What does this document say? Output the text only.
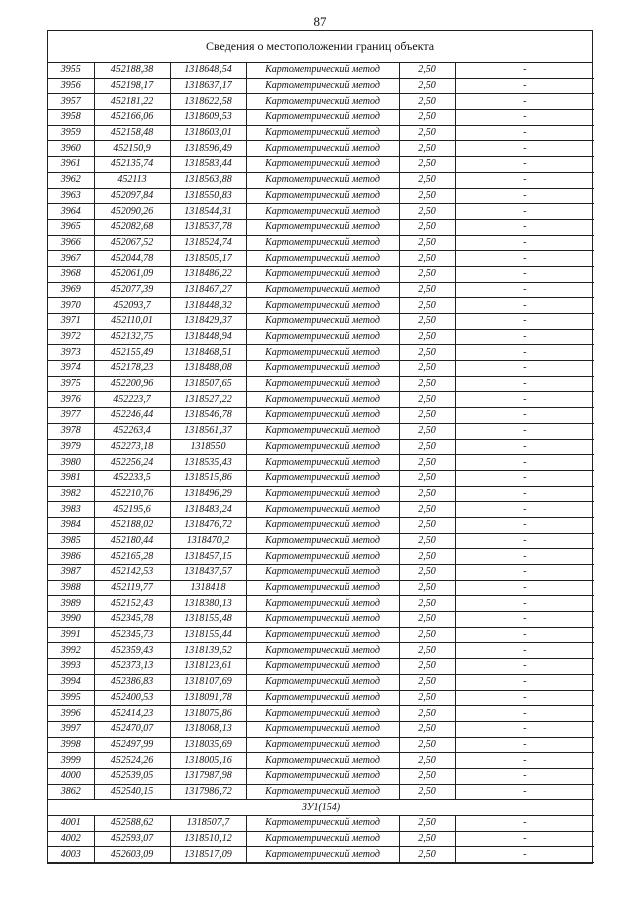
87
Сведения о местоположении границ объекта
3955	452188,38	1318648,54	Картометрический метод	2,50	-
3956	452198,17	1318637,17	Картометрический метод	2,50	-
3957	452181,22	1318622,58	Картометрический метод	2,50	-
3958	452166,06	1318609,53	Картометрический метод	2,50	-
3959	452158,48	1318603,01	Картометрический метод	2,50	-
3960	452150,9	1318596,49	Картометрический метод	2,50	-
3961	452135,74	1318583,44	Картометрический метод	2,50	-
3962	452113	1318563,88	Картометрический метод	2,50	-
3963	452097,84	1318550,83	Картометрический метод	2,50	-
3964	452090,26	1318544,31	Картометрический метод	2,50	-
3965	452082,68	1318537,78	Картометрический метод	2,50	-
3966	452067,52	1318524,74	Картометрический метод	2,50	-
3967	452044,78	1318505,17	Картометрический метод	2,50	-
3968	452061,09	1318486,22	Картометрический метод	2,50	-
3969	452077,39	1318467,27	Картометрический метод	2,50	-
3970	452093,7	1318448,32	Картометрический метод	2,50	-
3971	452110,01	1318429,37	Картометрический метод	2,50	-
3972	452132,75	1318448,94	Картометрический метод	2,50	-
3973	452155,49	1318468,51	Картометрический метод	2,50	-
3974	452178,23	1318488,08	Картометрический метод	2,50	-
3975	452200,96	1318507,65	Картометрический метод	2,50	-
3976	452223,7	1318527,22	Картометрический метод	2,50	-
3977	452246,44	1318546,78	Картометрический метод	2,50	-
3978	452263,4	1318561,37	Картометрический метод	2,50	-
3979	452273,18	1318550	Картометрический метод	2,50	-
3980	452256,24	1318535,43	Картометрический метод	2,50	-
3981	452233,5	1318515,86	Картометрический метод	2,50	-
3982	452210,76	1318496,29	Картометрический метод	2,50	-
3983	452195,6	1318483,24	Картометрический метод	2,50	-
3984	452188,02	1318476,72	Картометрический метод	2,50	-
3985	452180,44	1318470,2	Картометрический метод	2,50	-
3986	452165,28	1318457,15	Картометрический метод	2,50	-
3987	452142,53	1318437,57	Картометрический метод	2,50	-
3988	452119,77	1318418	Картометрический метод	2,50	-
3989	452152,43	1318380,13	Картометрический метод	2,50	-
3990	452345,78	1318155,48	Картометрический метод	2,50	-
3991	452345,73	1318155,44	Картометрический метод	2,50	-
3992	452359,43	1318139,52	Картометрический метод	2,50	-
3993	452373,13	1318123,61	Картометрический метод	2,50	-
3994	452386,83	1318107,69	Картометрический метод	2,50	-
3995	452400,53	1318091,78	Картометрический метод	2,50	-
3996	452414,23	1318075,86	Картометрический метод	2,50	-
3997	452470,07	1318068,13	Картометрический метод	2,50	-
3998	452497,99	1318035,69	Картометрический метод	2,50	-
3999	452524,26	1318005,16	Картометрический метод	2,50	-
4000	452539,05	1317987,98	Картометрический метод	2,50	-
3862	452540,15	1317986,72	Картометрический метод	2,50	-
ЗУ1(154)					
4001	452588,62	1318507,7	Картометрический метод	2,50	-
4002	452593,07	1318510,12	Картометрический метод	2,50	-
4003	452603,09	1318517,09	Картометрический метод	2,50	-
